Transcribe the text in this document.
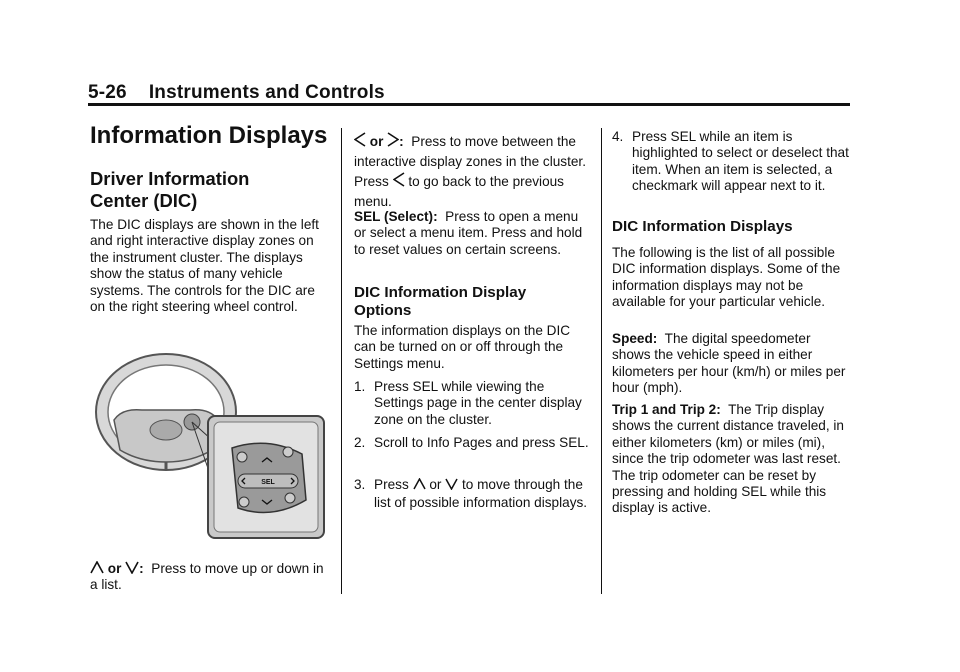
5-26 Instruments and Controls
Information Displays
Driver Information Center (DIC)
The DIC displays are shown in the left and right interactive display zones on the instrument cluster. The displays show the status of many vehicle systems. The controls for the DIC are on the right steering wheel control.
or : Press to move up or down in a list.
SEL
or : Press to move between the interactive display zones in the cluster. Press to go back to the previous menu.
SEL (Select): Press to open a menu or select a menu item. Press and hold to reset values on certain screens.
DIC Information Display Options
The information displays on the DIC can be turned on or off through the Settings menu.
1. Press SEL while viewing the Settings page in the center display zone on the cluster.
2. Scroll to Info Pages and press SEL.
3. Press or to move through the list of possible information displays.
4. Press SEL while an item is highlighted to select or deselect that item. When an item is selected, a checkmark will appear next to it.
DIC Information Displays
The following is the list of all possible DIC information displays. Some of the information displays may not be available for your particular vehicle.
Speed: The digital speedometer shows the vehicle speed in either kilometers per hour (km/h) or miles per hour (mph).
Trip 1 and Trip 2: The Trip display shows the current distance traveled, in either kilometers (km) or miles (mi), since the trip odometer was last reset. The trip odometer can be reset by pressing and holding SEL while this display is active.
